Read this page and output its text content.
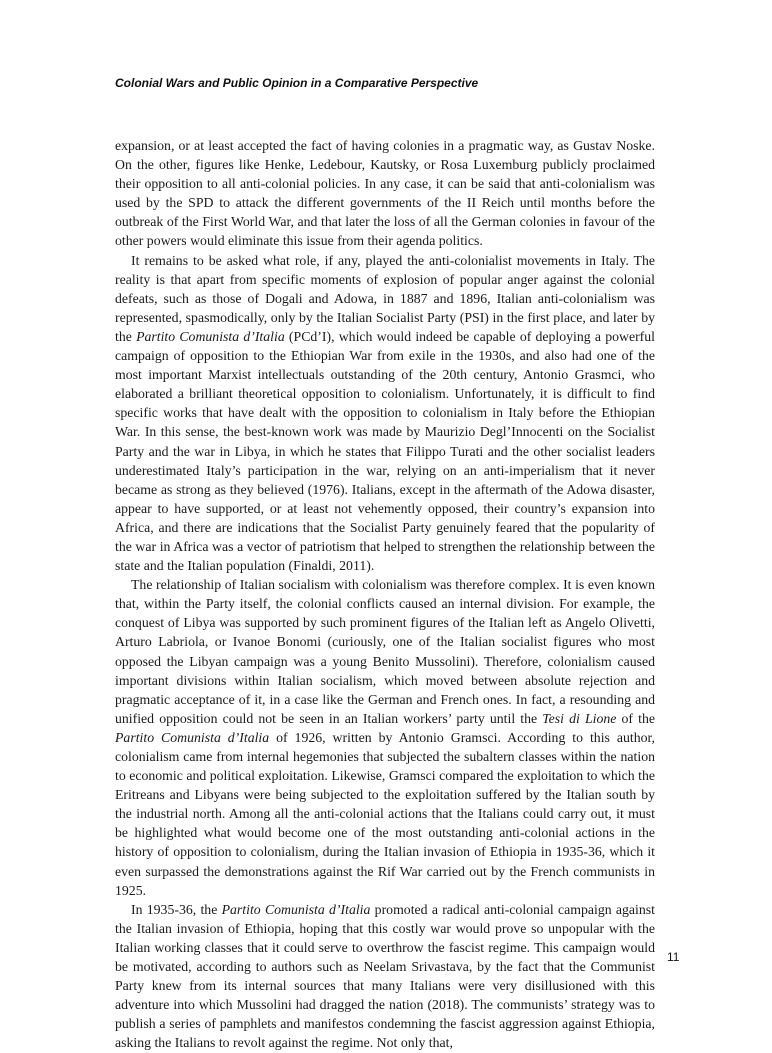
Colonial Wars and Public Opinion in a Comparative Perspective

expansion, or at least accepted the fact of having colonies in a pragmatic way, as Gustav Noske. On the other, figures like Henke, Ledebour, Kautsky, or Rosa Luxemburg publicly proclaimed their opposition to all anti-colonial policies. In any case, it can be said that anti-colonialism was used by the SPD to attack the different governments of the II Reich until months before the outbreak of the First World War, and that later the loss of all the German colonies in favour of the other powers would eliminate this issue from their agenda politics.

It remains to be asked what role, if any, played the anti-colonialist movements in Italy. The reality is that apart from specific moments of explosion of popular anger against the colonial defeats, such as those of Dogali and Adowa, in 1887 and 1896, Italian anti-colonialism was represented, spasmodically, only by the Italian Socialist Party (PSI) in the first place, and later by the Partito Comunista d’Italia (PCd’I), which would indeed be capable of deploying a powerful campaign of opposition to the Ethiopian War from exile in the 1930s, and also had one of the most important Marxist intellectuals outstanding of the 20th century, Antonio Grasmci, who elaborated a brilliant theoretical opposition to colonialism. Unfortunately, it is difficult to find specific works that have dealt with the opposition to colonialism in Italy before the Ethiopian War. In this sense, the best-known work was made by Maurizio Degl’Innocenti on the Socialist Party and the war in Libya, in which he states that Filippo Turati and the other socialist leaders underestimated Italy’s participation in the war, relying on an anti-imperialism that it never became as strong as they believed (1976). Italians, except in the aftermath of the Adowa disaster, appear to have supported, or at least not vehemently opposed, their country’s expansion into Africa, and there are indications that the Socialist Party genuinely feared that the popularity of the war in Africa was a vector of patriotism that helped to strengthen the relationship between the state and the Italian population (Finaldi, 2011).

The relationship of Italian socialism with colonialism was therefore complex. It is even known that, within the Party itself, the colonial conflicts caused an internal division. For example, the conquest of Libya was supported by such prominent figures of the Italian left as Angelo Olivetti, Arturo Labriola, or Ivanoe Bonomi (curiously, one of the Italian socialist figures who most opposed the Libyan campaign was a young Benito Mussolini). Therefore, colonialism caused important divisions within Italian socialism, which moved between absolute rejection and pragmatic acceptance of it, in a case like the German and French ones. In fact, a resounding and unified opposition could not be seen in an Italian workers’ party until the Tesi di Lione of the Partito Comunista d’Italia of 1926, written by Antonio Gramsci. According to this author, colonialism came from internal hegemonies that subjected the subaltern classes within the nation to economic and political exploitation. Likewise, Gramsci compared the exploitation to which the Eritreans and Libyans were being subjected to the exploitation suffered by the Italian south by the industrial north. Among all the anti-colonial actions that the Italians could carry out, it must be highlighted what would become one of the most outstanding anti-colonial actions in the history of opposition to colonialism, during the Italian invasion of Ethiopia in 1935-36, which it even surpassed the demonstrations against the Rif War carried out by the French communists in 1925.

In 1935-36, the Partito Comunista d’Italia promoted a radical anti-colonial campaign against the Italian invasion of Ethiopia, hoping that this costly war would prove so unpopular with the Italian working classes that it could serve to overthrow the fascist regime. This campaign would be motivated, according to authors such as Neelam Srivastava, by the fact that the Communist Party knew from its internal sources that many Italians were very disillusioned with this adventure into which Mussolini had dragged the nation (2018). The communists’ strategy was to publish a series of pamphlets and manifestos condemning the fascist aggression against Ethiopia, asking the Italians to revolt against the regime. Not only that,

11
